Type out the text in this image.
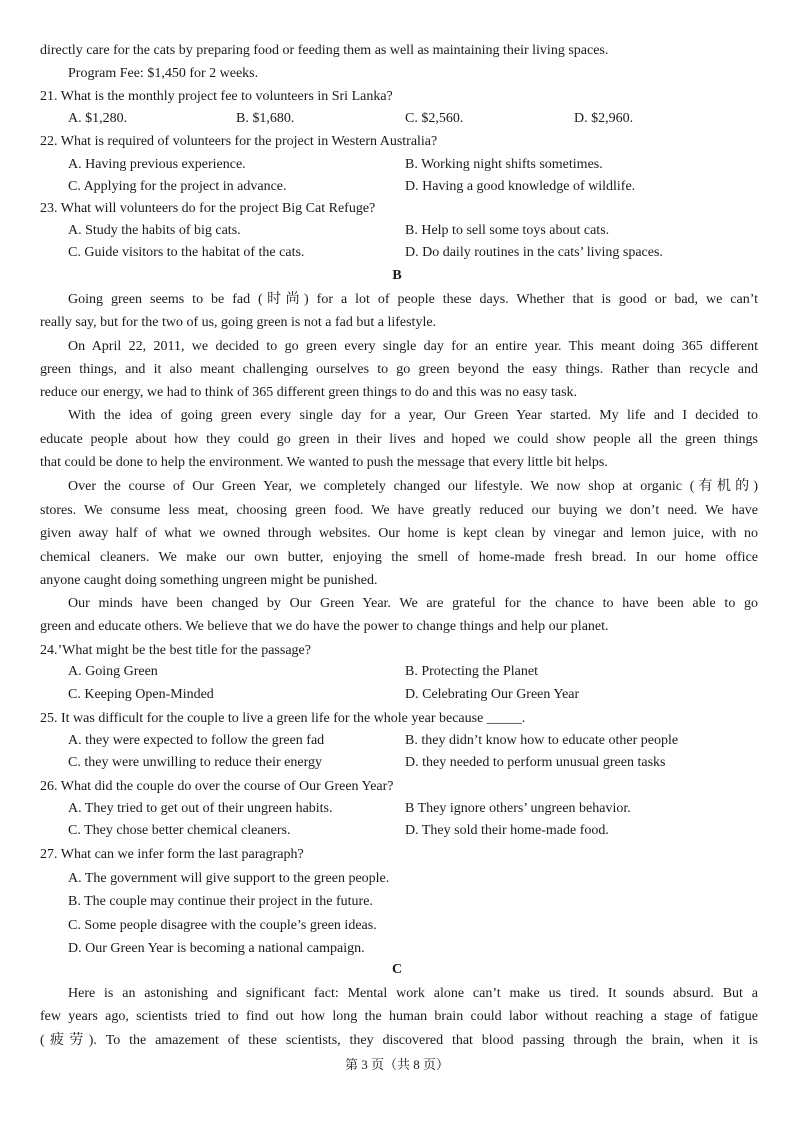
directly care for the cats by preparing food or feeding them as well as maintaining their living spaces.
Program Fee: $1,450 for 2 weeks.
21. What is the monthly project fee to volunteers in Sri Lanka?
A. $1,280.	B. $1,680.	C. $2,560.	D. $2,960.
22. What is required of volunteers for the project in Western Australia?
A. Having previous experience.	B. Working night shifts sometimes.
C. Applying for the project in advance.	D. Having a good knowledge of wildlife.
23. What will volunteers do for the project Big Cat Refuge?
A. Study the habits of big cats.	B. Help to sell some toys about cats.
C. Guide visitors to the habitat of the cats.	D. Do daily routines in the cats’ living spaces.
B
Going green seems to be fad (时尚) for a lot of people these days. Whether that is good or bad, we can’t
really say, but for the two of us, going green is not a fad but a lifestyle.
On April 22, 2011, we decided to go green every single day for an entire year. This meant doing 365 different
green things, and it also meant challenging ourselves to go green beyond the easy things. Rather than recycle and
reduce our energy, we had to think of 365 different green things to do and this was no easy task.
With the idea of going green every single day for a year, Our Green Year started. My life and I decided to
educate people about how they could go green in their lives and hoped we could show people all the green things
that could be done to help the environment. We wanted to push the message that every little bit helps.
Over the course of Our Green Year, we completely changed our lifestyle. We now shop at organic (有机的)
stores. We consume less meat, choosing green food. We have greatly reduced our buying we don’t need. We have
given away half of what we owned through websites. Our home is kept clean by vinegar and lemon juice, with no
chemical cleaners. We make our own butter, enjoying the smell of home-made fresh bread. In our home office
anyone caught doing something ungreen might be punished.
Our minds have been changed by Our Green Year. We are grateful for the chance to have been able to go
green and educate others. We believe that we do have the power to change things and help our planet.
24.’What might be the best title for the passage?
A. Going Green	B. Protecting the Planet
C. Keeping Open-Minded	D. Celebrating Our Green Year
25. It was difficult for the couple to live a green life for the whole year because _____.
A. they were expected to follow the green fad	B. they didn’t know how to educate other people
C. they were unwilling to reduce their energy	D. they needed to perform unusual green tasks
26. What did the couple do over the course of Our Green Year?
A. They tried to get out of their ungreen habits.	B They ignore others’ ungreen behavior.
C. They chose better chemical cleaners.	D. They sold their home-made food.
27. What can we infer form the last paragraph?
A. The government will give support to the green people.
B. The couple may continue their project in the future.
C. Some people disagree with the couple’s green ideas.
D. Our Green Year is becoming a national campaign.
C
Here is an astonishing and significant fact: Mental work alone can’t make us tired. It sounds absurd. But a
few years ago, scientists tried to find out how long the human brain could labor without reaching a stage of fatigue
(疲劳). To the amazement of these scientists, they discovered that blood passing through the brain, when it is
第 3 页（共 8 页）
